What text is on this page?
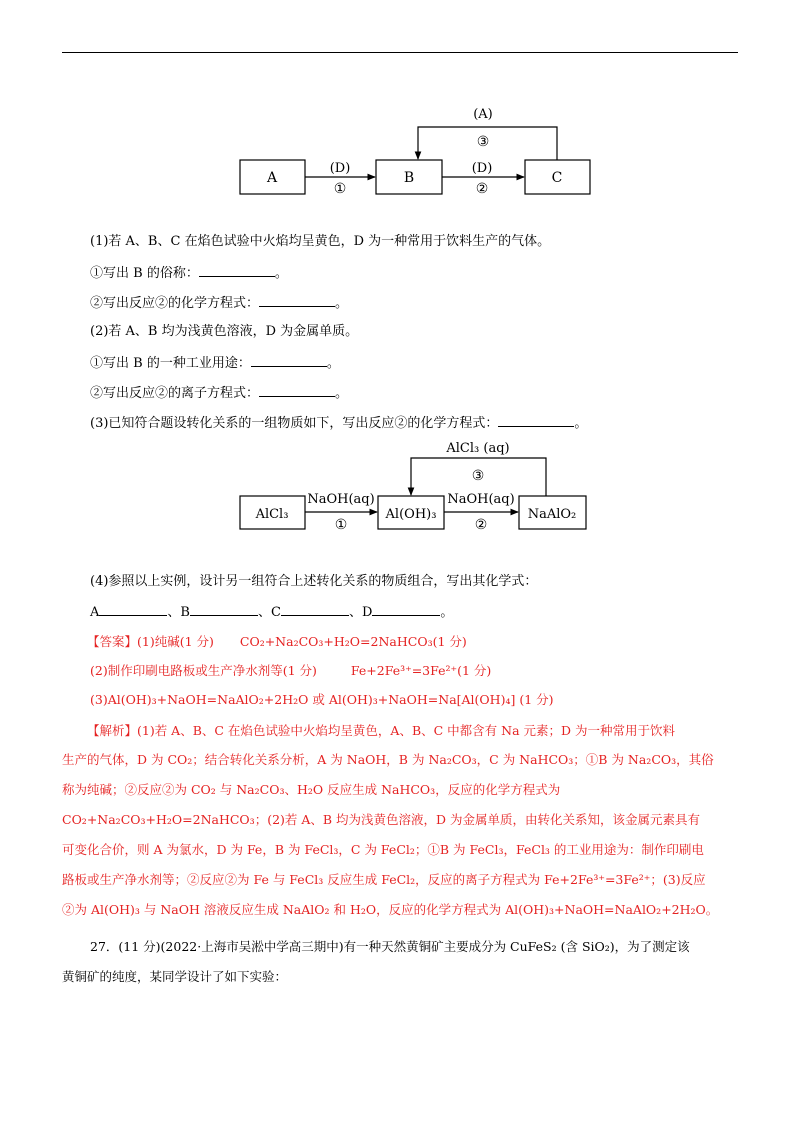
A	B	C
(D)
①
(D)
②
(A)
③
(1)若 A、B、C 在焰色试验中火焰均呈黄色，D 为一种常用于饮料生产的气体。
①写出 B 的俗称：	。
②写出反应②的化学方程式：	。
(2)若 A、B 均为浅黄色溶液，D 为金属单质。
①写出 B 的一种工业用途：	。
②写出反应②的离子方程式：	。
(3)已知符合题设转化关系的一组物质如下，写出反应②的化学方程式：	。
AlCl₃	Al(OH)₃	NaAlO₂
NaOH(aq)
①
NaOH(aq)
②
AlCl₃ (aq)
③
(4)参照以上实例，设计另一组符合上述转化关系的物质组合，写出其化学式：
A	、B	、C	、D	。
【答案】(1)纯碱(1 分) CO₂+Na₂CO₃+H₂O=2NaHCO₃(1 分)
(2)制作印刷电路板或生产净水剂等(1 分)	Fe+2Fe³⁺=3Fe²⁺(1 分)
(3)Al(OH)₃+NaOH=NaAlO₂+2H₂O 或 Al(OH)₃+NaOH=Na[Al(OH)₄] (1 分)
【解析】(1)若 A、B、C 在焰色试验中火焰均呈黄色，A、B、C 中都含有 Na 元素；D 为一种常用于饮料
生产的气体，D 为 CO₂；结合转化关系分析，A 为 NaOH，B 为 Na₂CO₃，C 为 NaHCO₃；①B 为 Na₂CO₃，其俗
称为纯碱；②反应②为 CO₂ 与 Na₂CO₃、H₂O 反应生成 NaHCO₃，反应的化学方程式为
CO₂+Na₂CO₃+H₂O=2NaHCO₃；(2)若 A、B 均为浅黄色溶液，D 为金属单质，由转化关系知，该金属元素具有
可变化合价，则 A 为氯水，D 为 Fe，B 为 FeCl₃，C 为 FeCl₂；①B 为 FeCl₃，FeCl₃ 的工业用途为：制作印刷电
路板或生产净水剂等；②反应②为 Fe 与 FeCl₃ 反应生成 FeCl₂，反应的离子方程式为 Fe+2Fe³⁺=3Fe²⁺；(3)反应
②为 Al(OH)₃ 与 NaOH 溶液反应生成 NaAlO₂ 和 H₂O，反应的化学方程式为 Al(OH)₃+NaOH=NaAlO₂+2H₂O。
27．(11 分)(2022·上海市吴淞中学高三期中)有一种天然黄铜矿主要成分为 CuFeS₂ (含 SiO₂)，为了测定该
黄铜矿的纯度，某同学设计了如下实验：
